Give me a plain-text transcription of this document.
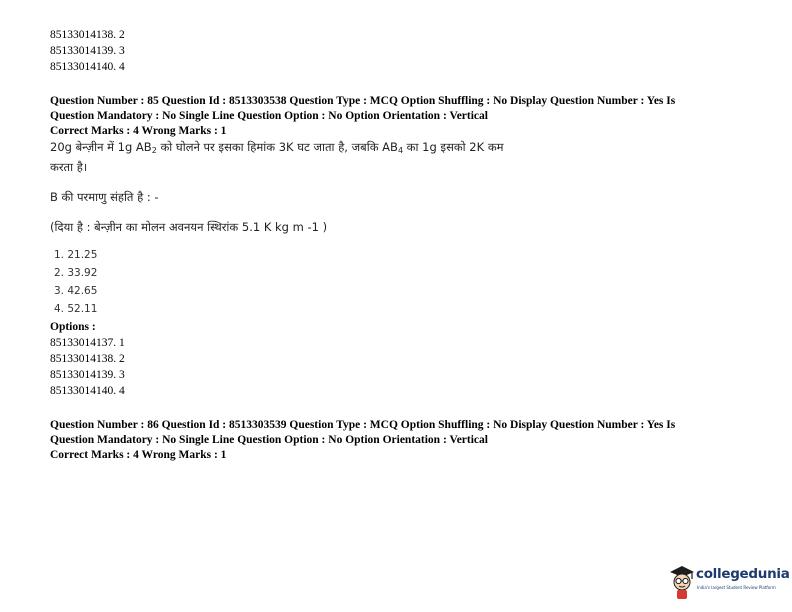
85133014138. 2
85133014139. 3
85133014140. 4
Question Number : 85 Question Id : 8513303538 Question Type : MCQ Option Shuffling : No Display Question Number : Yes Is
Question Mandatory : No Single Line Question Option : No Option Orientation : Vertical
Correct Marks : 4 Wrong Marks : 1
20g बेन्ज़ीन में 1g $AB_2$ को घोलने पर इसका हिमांक 3K घट जाता है, जबकि $AB_4$ का 1g इसको 2K कम
करता है।
B की परमाणु संहति है : -
(दिया है : बेन्ज़ीन का मोलन अवनयन स्थिरांक 5.1 K kg m -1 )
1. 21.25
2. 33.92
3. 42.65
4. 52.11
Options :
85133014137. 1
85133014138. 2
85133014139. 3
85133014140. 4
Question Number : 86 Question Id : 8513303539 Question Type : MCQ Option Shuffling : No Display Question Number : Yes Is
Question Mandatory : No Single Line Question Option : No Option Orientation : Vertical
Correct Marks : 4 Wrong Marks : 1
collegedunia
India's largest Student Review Platform
